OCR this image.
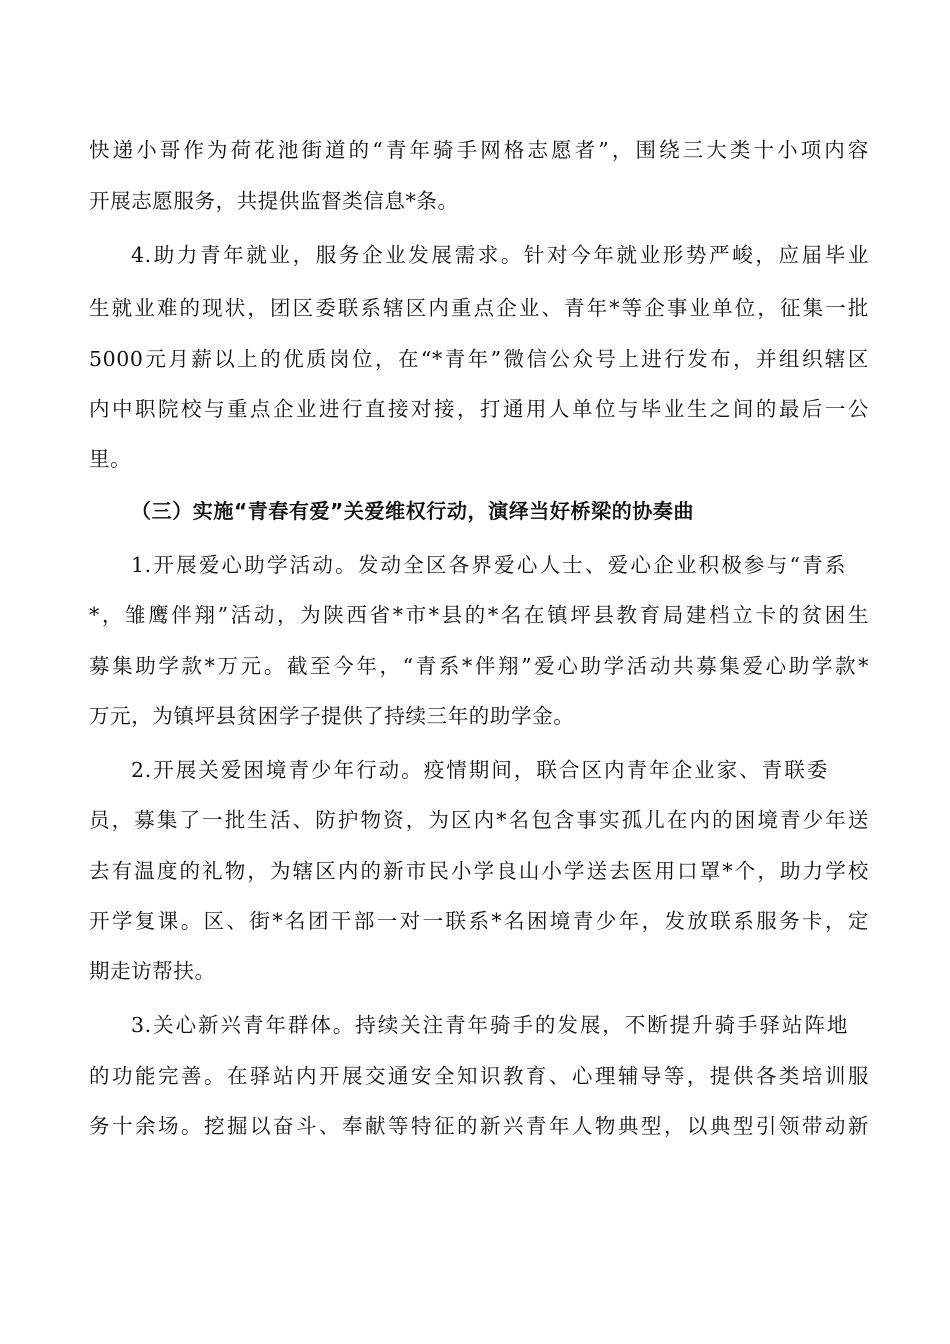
快递小哥作为荷花池街道的“青年骑手网格志愿者”，围绕三大类十小项内容
开展志愿服务，共提供监督类信息*条。
4.助力青年就业，服务企业发展需求。针对今年就业形势严峻，应届毕业
生就业难的现状，团区委联系辖区内重点企业、青年*等企事业单位，征集一批
5000元月薪以上的优质岗位，在“*青年”微信公众号上进行发布，并组织辖区
内中职院校与重点企业进行直接对接，打通用人单位与毕业生之间的最后一公
里。
（三）实施“青春有爱”关爱维权行动，演绎当好桥梁的协奏曲
1.开展爱心助学活动。发动全区各界爱心人士、爱心企业积极参与“青系
*，雏鹰伴翔”活动，为陕西省*市*县的*名在镇坪县教育局建档立卡的贫困生
募集助学款*万元。截至今年，“青系*伴翔”爱心助学活动共募集爱心助学款*
万元，为镇坪县贫困学子提供了持续三年的助学金。
2.开展关爱困境青少年行动。疫情期间，联合区内青年企业家、青联委
员，募集了一批生活、防护物资，为区内*名包含事实孤儿在内的困境青少年送
去有温度的礼物，为辖区内的新市民小学良山小学送去医用口罩*个，助力学校
开学复课。区、街*名团干部一对一联系*名困境青少年，发放联系服务卡，定
期走访帮扶。
3.关心新兴青年群体。持续关注青年骑手的发展，不断提升骑手驿站阵地
的功能完善。在驿站内开展交通安全知识教育、心理辅导等，提供各类培训服
务十余场。挖掘以奋斗、奉献等特征的新兴青年人物典型，以典型引领带动新
